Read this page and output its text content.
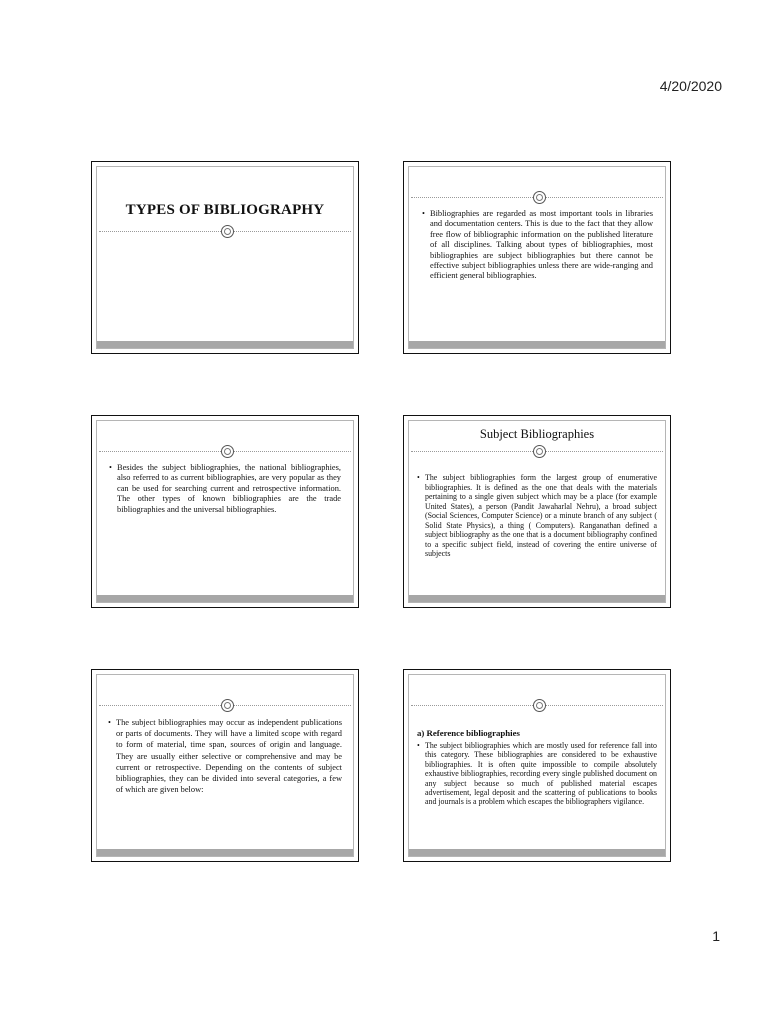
4/20/2020
TYPES OF BIBLIOGRAPHY
•	Bibliographies are regarded as most important tools in libraries and documentation centers. This is due to the fact that they allow free flow of bibliographic information on the published literature of all disciplines. Talking about types of bibliographies, most bibliographies are subject bibliographies but there cannot be effective subject bibliographies unless there are wide-ranging and efficient general bibliographies.
• Besides the subject bibliographies, the national bibliographies, also referred to as current bibliographies, are very popular as they can be used for searching current and retrospective information. The other types of known bibliographies are the trade bibliographies and the universal bibliographies.
Subject Bibliographies
• The subject bibliographies form the largest group of enumerative bibliographies. It is defined as the one that deals with the materials pertaining to a single given subject which may be a place (for example United States), a person (Pandit Jawaharlal Nehru), a broad subject (Social Sciences, Computer Science) or a minute branch of any subject ( Solid State Physics), a thing ( Computers). Ranganathan defined a subject bibliography as the one that is a document bibliography confined to a specific subject field, instead of covering the entire universe of subjects
• The subject bibliographies may occur as independent publications or parts of documents. They will have a limited scope with regard to form of material, time span, sources of origin and language. They are usually either selective or comprehensive and may be current or retrospective. Depending on the contents of subject bibliographies, they can be divided into several categories, a few of which are given below:
a) Reference bibliographies
• The subject bibliographies which are mostly used for reference fall into this category. These bibliographies are considered to be exhaustive bibliographies. It is often quite impossible to compile absolutely exhaustive bibliographies, recording every single published document on any subject because so much of published material escapes advertisement, legal deposit and the scattering of publications to books and journals is a problem which escapes the bibliographers vigilance.
1
